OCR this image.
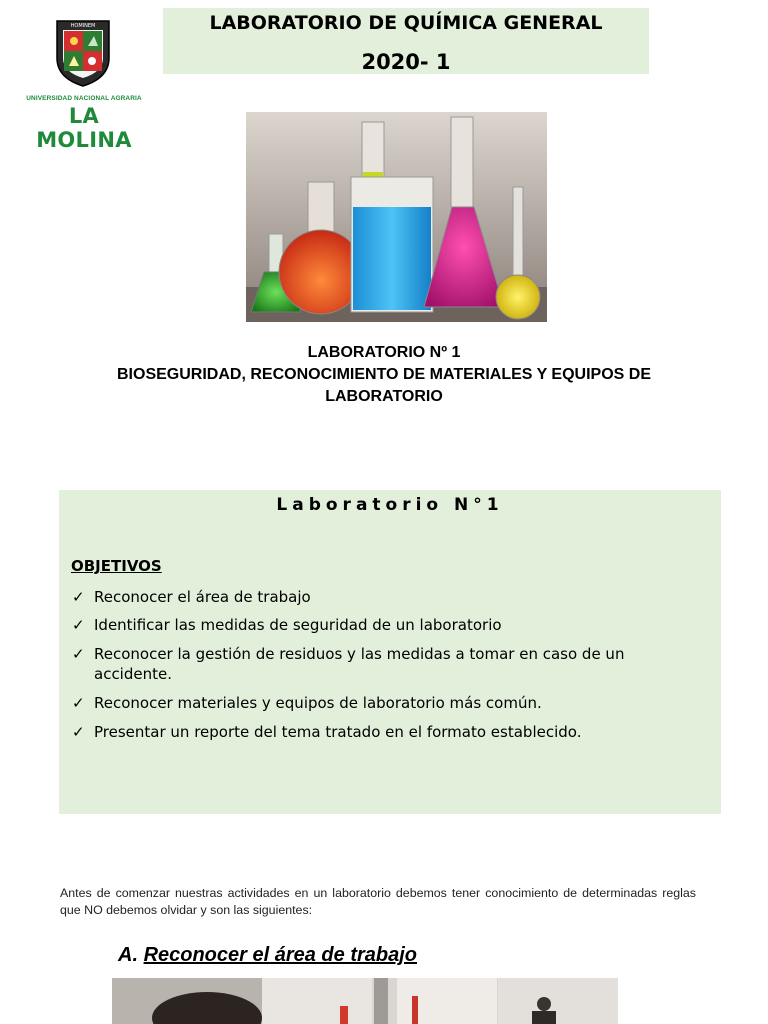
HOMINEM
UNIVERSIDAD NACIONAL AGRARIA
LA MOLINA
LABORATORIO DE QUÍMICA GENERAL
2020- 1
LABORATORIO Nº 1
BIOSEGURIDAD, RECONOCIMIENTO DE MATERIALES Y EQUIPOS DE
LABORATORIO
Laboratorio N°1
OBJETIVOS
✓ Reconocer el área de trabajo
✓ Identificar las medidas de seguridad de un laboratorio
✓ Reconocer la gestión de residuos y las medidas a tomar en caso de un accidente.
✓ Reconocer materiales y equipos de laboratorio más común.
✓ Presentar un reporte del tema tratado en el formato establecido.
Antes de comenzar nuestras actividades en un laboratorio debemos tener conocimiento de determinadas reglas que NO debemos olvidar y son las siguientes:
A. Reconocer el área de trabajo
